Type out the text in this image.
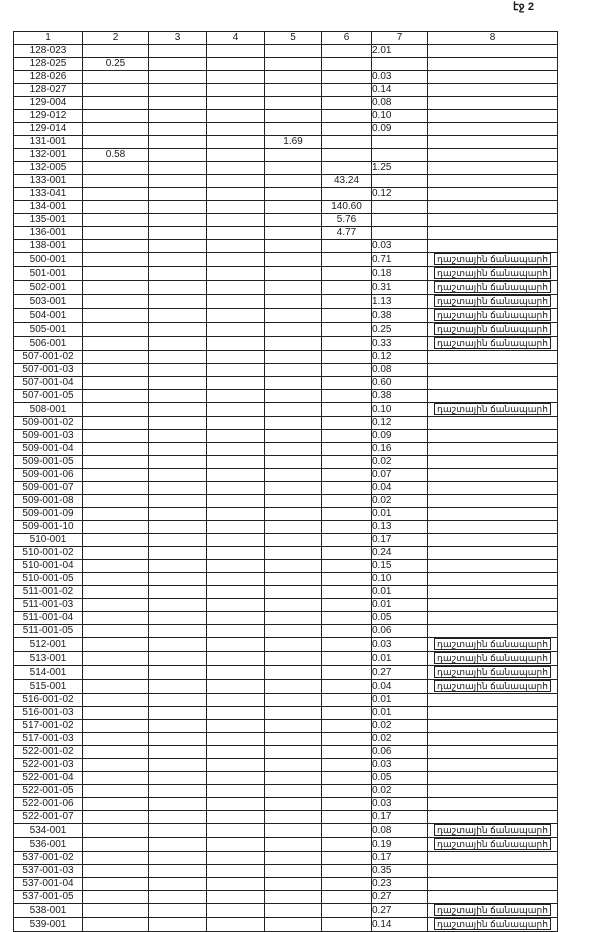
էջ 2
1	2	3	4	5	6	7	8
128-023						2.01	
128-025	0.25						
128-026						0.03	
128-027						0.14	
129-004						0.08	
129-012						0.10	
129-014						0.09	
131-001				1.69			
132-001	0.58						
132-005						1.25	
133-001					43.24		
133-041						0.12	
134-001					140.60		
135-001					5.76		
136-001					4.77		
138-001						0.03	
500-001						0.71	դաշտային ճանապարհ
501-001						0.18	դաշտային ճանապարհ
502-001						0.31	դաշտային ճանապարհ
503-001						1.13	դաշտային ճանապարհ
504-001						0.38	դաշտային ճանապարհ
505-001						0.25	դաշտային ճանապարհ
506-001						0.33	դաշտային ճանապարհ
507-001-02						0.12	
507-001-03						0.08	
507-001-04						0.60	
507-001-05						0.38	
508-001						0.10	դաշտային ճանապարհ
509-001-02						0.12	
509-001-03						0.09	
509-001-04						0.16	
509-001-05						0.02	
509-001-06						0.07	
509-001-07						0.04	
509-001-08						0.02	
509-001-09						0.01	
509-001-10						0.13	
510-001						0.17	
510-001-02						0.24	
510-001-04						0.15	
510-001-05						0.10	
511-001-02						0.01	
511-001-03						0.01	
511-001-04						0.05	
511-001-05						0.06	
512-001						0.03	դաշտային ճանապարհ
513-001						0.01	դաշտային ճանապարհ
514-001						0.27	դաշտային ճանապարհ
515-001						0.04	դաշտային ճանապարհ
516-001-02						0.01	
516-001-03						0.01	
517-001-02						0.02	
517-001-03						0.02	
522-001-02						0.06	
522-001-03						0.03	
522-001-04						0.05	
522-001-05						0.02	
522-001-06						0.03	
522-001-07						0.17	
534-001						0.08	դաշտային ճանապարհ
536-001						0.19	դաշտային ճանապարհ
537-001-02						0.17	
537-001-03						0.35	
537-001-04						0.23	
537-001-05						0.27	
538-001						0.27	դաշտային ճանապարհ
539-001						0.14	դաշտային ճանապարհ
